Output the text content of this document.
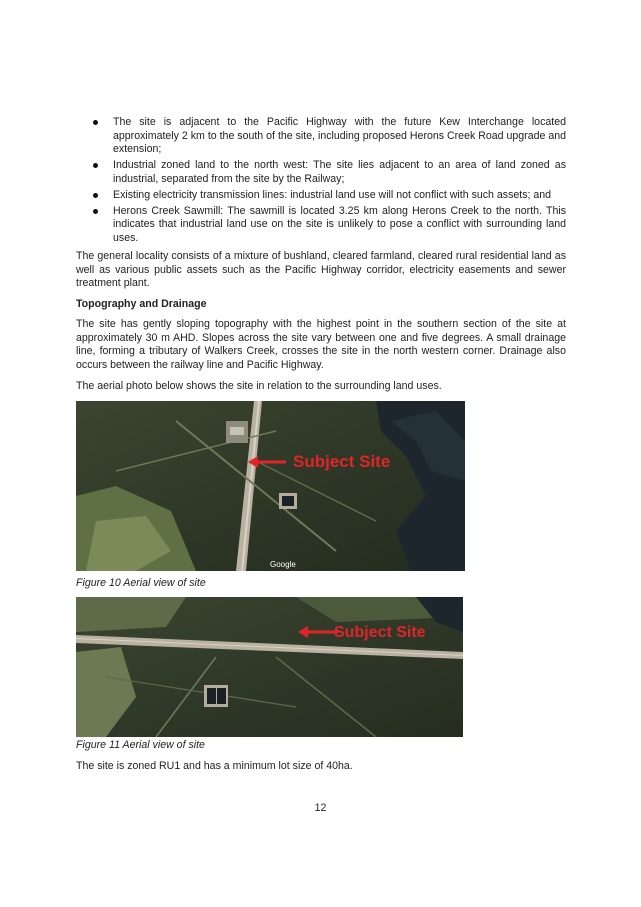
The site is adjacent to the Pacific Highway with the future Kew Interchange located approximately 2 km to the south of the site, including proposed Herons Creek Road upgrade and extension;
Industrial zoned land to the north west: The site lies adjacent to an area of land zoned as industrial, separated from the site by the Railway;
Existing electricity transmission lines: industrial land use will not conflict with such assets; and
Herons Creek Sawmill: The sawmill is located 3.25 km along Herons Creek to the north. This indicates that industrial land use on the site is unlikely to pose a conflict with surrounding land uses.

The general locality consists of a mixture of bushland, cleared farmland, cleared rural residential land as well as various public assets such as the Pacific Highway corridor, electricity easements and sewer treatment plant.

Topography and Drainage

The site has gently sloping topography with the highest point in the southern section of the site at approximately 30 m AHD. Slopes across the site vary between one and five degrees. A small drainage line, forming a tributary of Walkers Creek, crosses the site in the north western corner. Drainage also occurs between the railway line and Pacific Highway.

The aerial photo below shows the site in relation to the surrounding land uses.

Subject Site
Google
Figure 10 Aerial view of site
Subject Site
Figure 11 Aerial view of site

The site is zoned RU1 and has a minimum lot size of 40ha.

12
